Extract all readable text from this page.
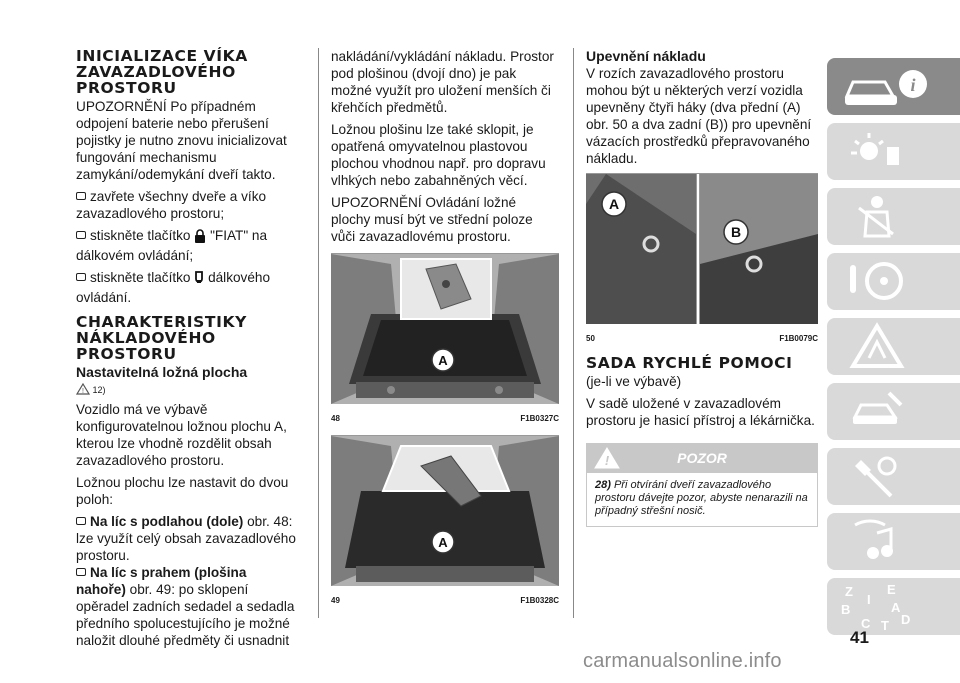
INICIALIZACE VÍKA ZAVAZADLOVÉHO PROSTORU

UPOZORNĚNÍ Po případném odpojení baterie nebo přerušení pojistky je nutno znovu inicializovat fungování mechanismu zamykání/odemykání dveří takto.

zavřete všechny dveře a víko zavazadlového prostoru;

stiskněte tlačítko "FIAT" na dálkovém ovládání;

stiskněte tlačítko dálkového ovládání.

CHARAKTERISTIKY NÁKLADOVÉHO PROSTORU
Nastavitelná ložná plocha
! 12)

Vozidlo má ve výbavě konfigurovatelnou ložnou plochu A, kterou lze vhodně rozdělit obsah zavazadlového prostoru.

Ložnou plochu lze nastavit do dvou poloh:

Na líc s podlahou (dole) obr. 48: lze využít celý obsah zavazadlového prostoru.

Na líc s prahem (plošina nahoře) obr. 49: po sklopení opěradel zadních sedadel a sedadla předního spolucestujícího je možné naložit dlouhé předměty či usnadnit

nakládání/vykládání nákladu. Prostor pod plošinou (dvojí dno) je pak možné využít pro uložení menších či křehčích předmětů.

Ložnou plošinu lze také sklopit, je opatřená omyvatelnou plastovou plochou vhodnou např. pro dopravu vlhkých nebo zabahněných věcí.

UPOZORNĚNÍ Ovládání ložné plochy musí být ve střední poloze vůči zavazadlovému prostoru.

A
48	F1B0327C
A
49	F1B0328C
Upevnění nákladu

V rozích zavazadlového prostoru mohou být u některých verzí vozidla upevněny čtyři háky (dva přední (A) obr. 50 a dva zadní (B)) pro upevnění vázacích prostředků přepravovaného nákladu.

A
B
50	F1B0079C
SADA RYCHLÉ POMOCI

(je-li ve výbavě)

V sadě uložené v zavazadlovém prostoru je hasicí přístroj a lékárnička.

!	POZOR
28) Při otvírání dveří zavazadlového prostoru dávejte pozor, abyste nenarazili na případný střešní nosič.
i
Z	E
A
B
C T D
I
41
carmanualsonline.info
